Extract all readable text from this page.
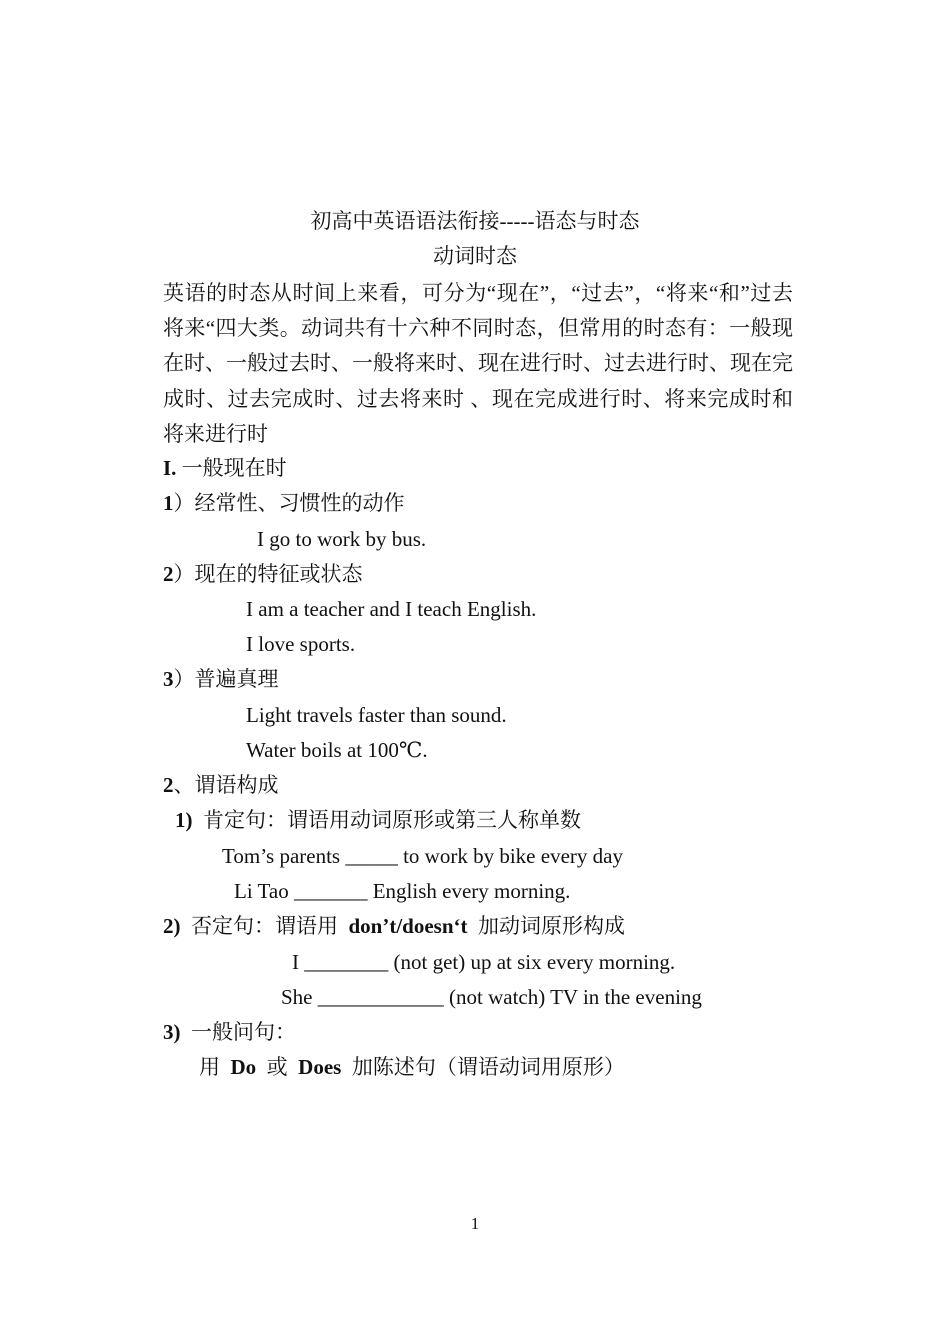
初高中英语语法衔接-----语态与时态
动词时态
英语的时态从时间上来看，可分为“现在”，“过去”，“将来“和”过去将来“四大类。动词共有十六种不同时态，但常用的时态有：一般现在时、一般过去时、一般将来时、现在进行时、过去进行时、现在完成时、过去完成时、过去将来时 、现在完成进行时、将来完成时和将来进行时
I. 一般现在时
1）经常性、习惯性的动作
I go to work by bus.
2）现在的特征或状态
I am a teacher and I teach English.
I love sports.
3）普遍真理
Light travels faster than sound.
Water boils at 100℃.
2、谓语构成
1) 肯定句：谓语用动词原形或第三人称单数
Tom’s parents _____ to work by bike every day
Li Tao _______ English every morning.
2) 否定句：谓语用 don’t/doesn‘t 加动词原形构成
I ________ (not get) up at six every morning.
She ____________ (not watch) TV in the evening
3) 一般问句：
用 Do 或 Does 加陈述句（谓语动词用原形）
1
